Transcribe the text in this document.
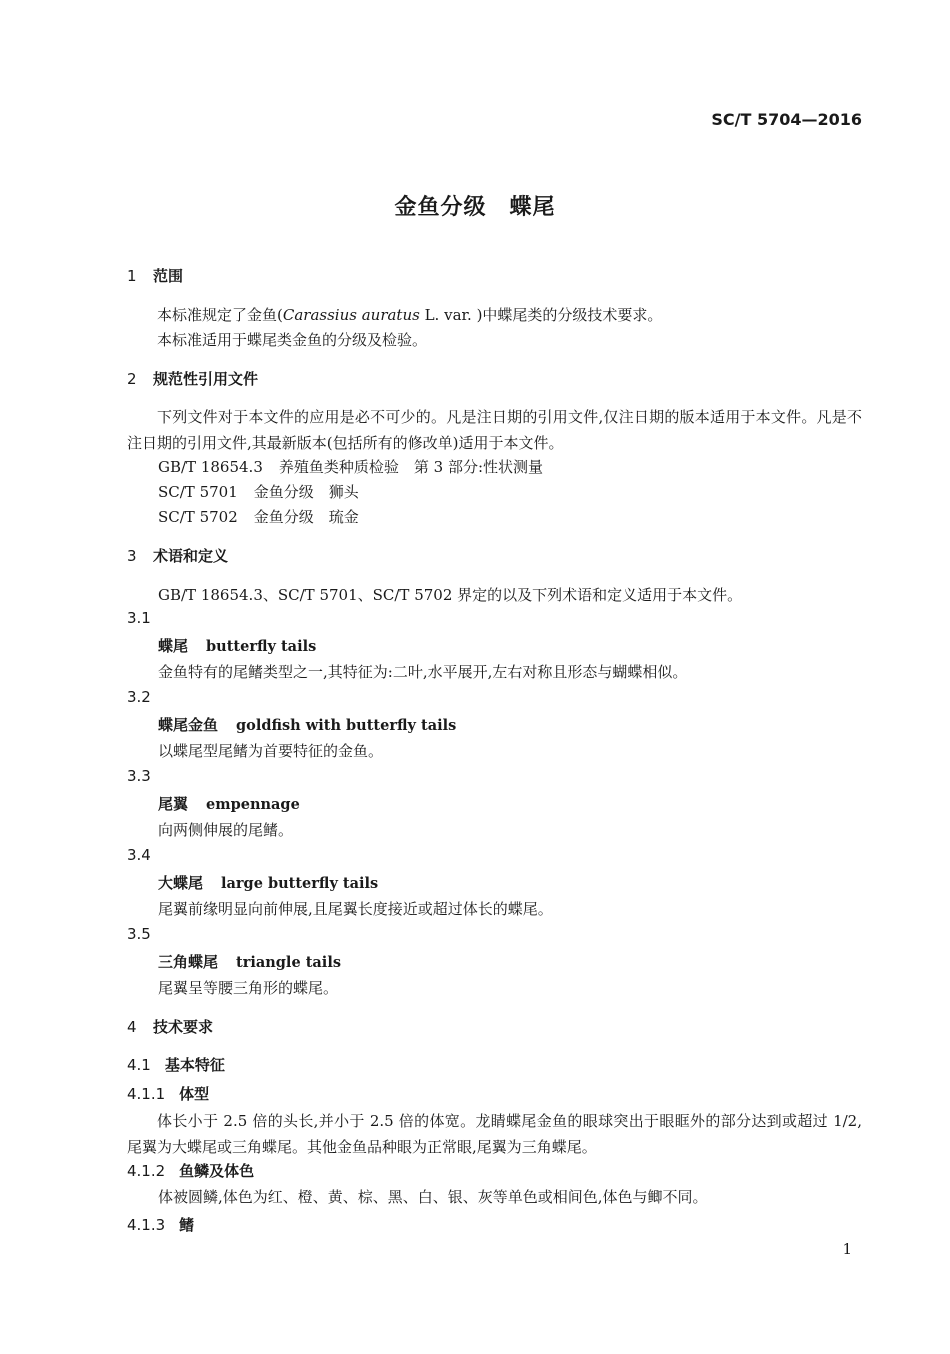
SC/T 5704—2016
金鱼分级　蝶尾
1 范围
本标准规定了金鱼(Carassius auratus L. var. )中蝶尾类的分级技术要求。
本标准适用于蝶尾类金鱼的分级及检验。
2 规范性引用文件
下列文件对于本文件的应用是必不可少的。凡是注日期的引用文件,仅注日期的版本适用于本文件。凡是不注日期的引用文件,其最新版本(包括所有的修改单)适用于本文件。
GB/T 18654.3 养殖鱼类种质检验　第 3 部分:性状测量
SC/T 5701 金鱼分级　狮头
SC/T 5702 金鱼分级　琉金
3 术语和定义
GB/T 18654.3、SC/T 5701、SC/T 5702 界定的以及下列术语和定义适用于本文件。
3.1
蝶尾 butterfly tails
金鱼特有的尾鳍类型之一,其特征为:二叶,水平展开,左右对称且形态与蝴蝶相似。
3.2
蝶尾金鱼 goldfish with butterfly tails
以蝶尾型尾鳍为首要特征的金鱼。
3.3
尾翼 empennage
向两侧伸展的尾鳍。
3.4
大蝶尾 large butterfly tails
尾翼前缘明显向前伸展,且尾翼长度接近或超过体长的蝶尾。
3.5
三角蝶尾 triangle tails
尾翼呈等腰三角形的蝶尾。
4 技术要求
4.1 基本特征
4.1.1 体型
体长小于 2.5 倍的头长,并小于 2.5 倍的体宽。龙睛蝶尾金鱼的眼球突出于眼眶外的部分达到或超过 1/2,尾翼为大蝶尾或三角蝶尾。其他金鱼品种眼为正常眼,尾翼为三角蝶尾。
4.1.2 鱼鳞及体色
体被圆鳞,体色为红、橙、黄、棕、黑、白、银、灰等单色或相间色,体色与鲫不同。
4.1.3 鳍
1
